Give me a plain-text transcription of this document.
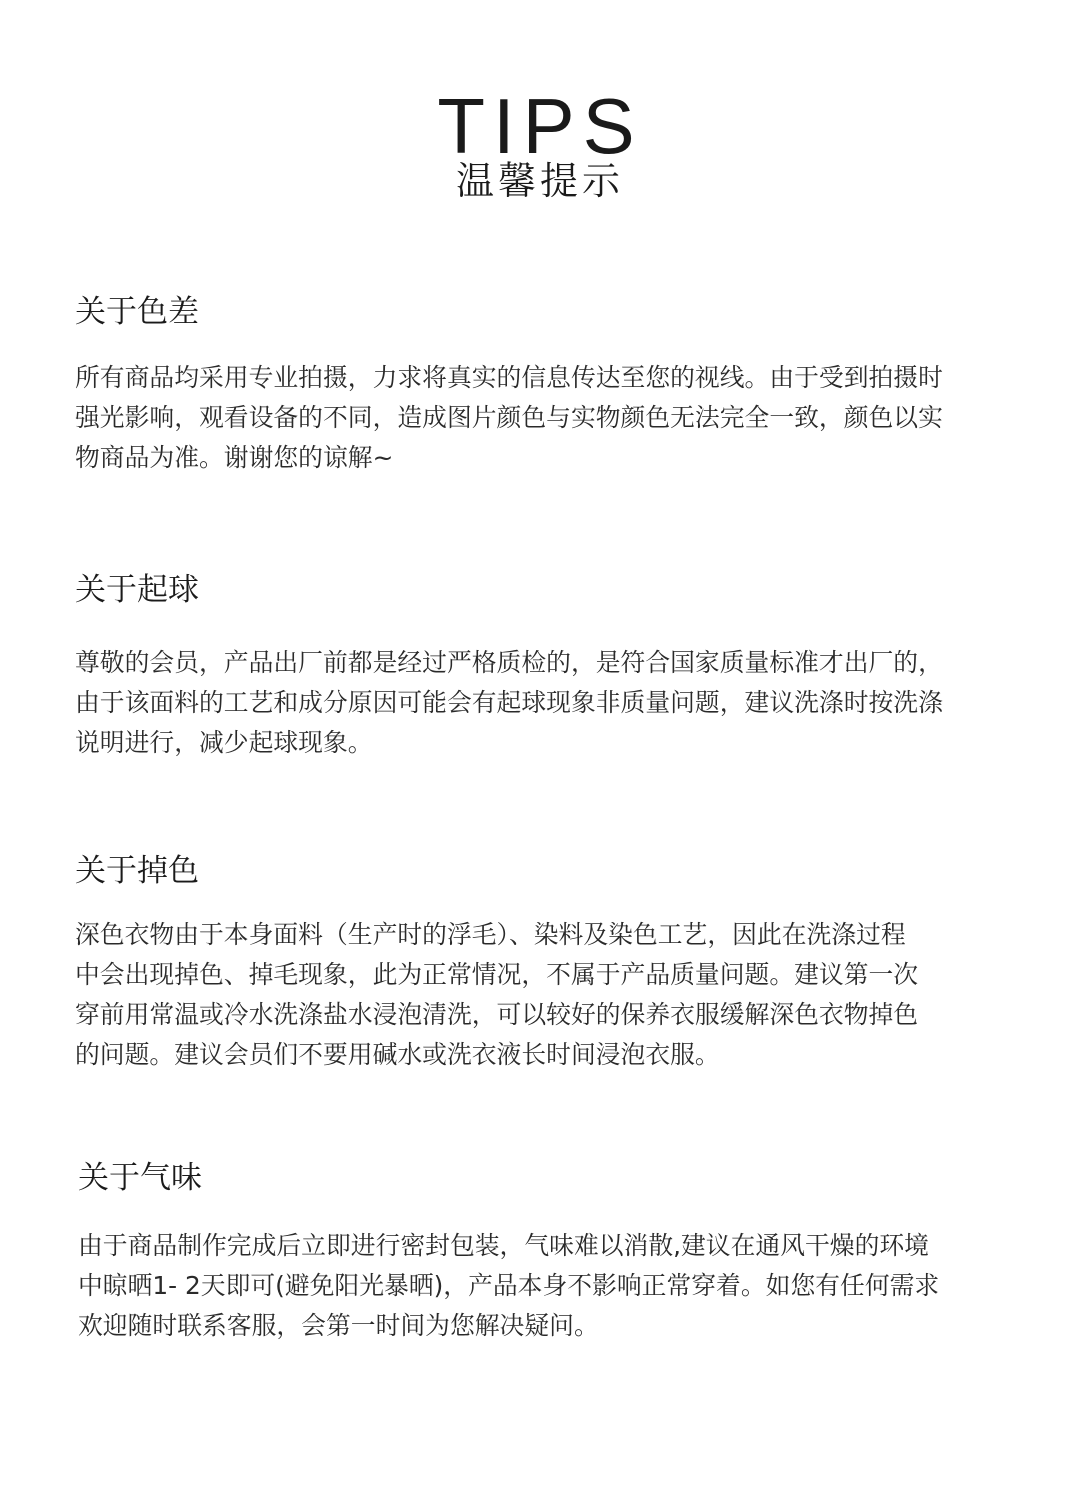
TIPS
温馨提示
关于色差
所有商品均采用专业拍摄，力求将真实的信息传达至您的视线。由于受到拍摄时
强光影响，观看设备的不同，造成图片颜色与实物颜色无法完全一致，颜色以实
物商品为准。谢谢您的谅解~
关于起球
尊敬的会员，产品出厂前都是经过严格质检的，是符合国家质量标准才出厂的，
由于该面料的工艺和成分原因可能会有起球现象非质量问题，建议洗涤时按洗涤
说明进行，减少起球现象。
关于掉色
深色衣物由于本身面料（生产时的浮毛）、染料及染色工艺，因此在洗涤过程
中会出现掉色、掉毛现象，此为正常情况，不属于产品质量问题。建议第一次
穿前用常温或冷水洗涤盐水浸泡清洗，可以较好的保养衣服缓解深色衣物掉色
的问题。建议会员们不要用碱水或洗衣液长时间浸泡衣服。
关于气味
由于商品制作完成后立即进行密封包装，气味难以消散,建议在通风干燥的环境
中晾晒1- 2天即可(避免阳光暴晒)，产品本身不影响正常穿着。如您有任何需求
欢迎随时联系客服，会第一时间为您解决疑问。
